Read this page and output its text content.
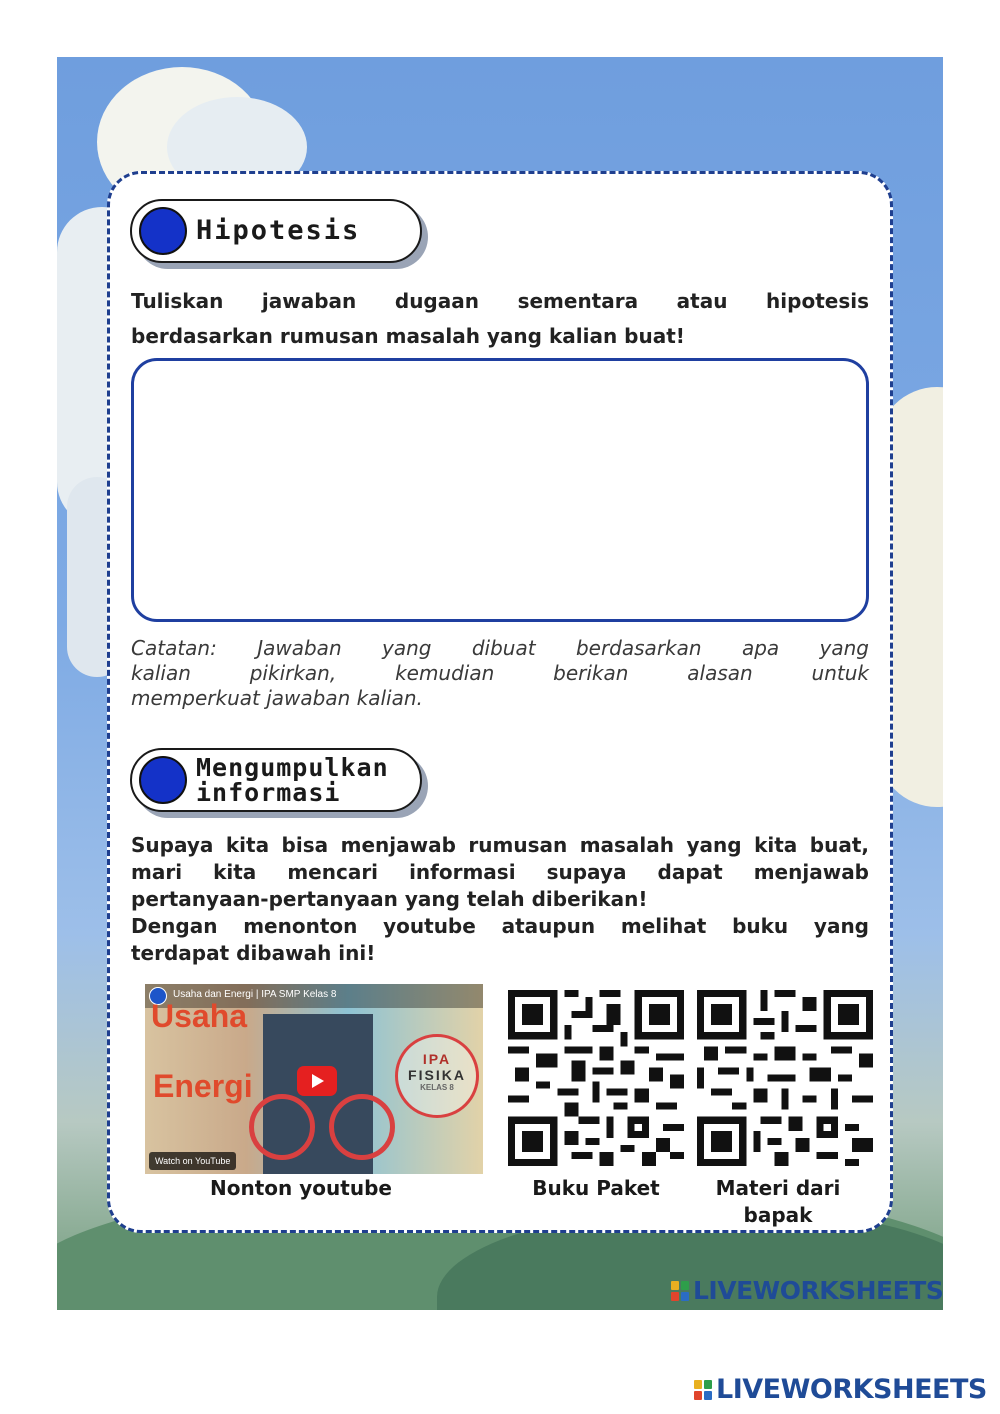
Hipotesis
Tuliskan jawaban dugaan sementara atau hipotesis
berdasarkan rumusan masalah yang kalian buat!
Catatan: Jawaban yang dibuat berdasarkan apa yang
kalian pikirkan, kemudian berikan alasan untuk
memperkuat jawaban kalian.
Mengumpulkan
informasi
Supaya kita bisa menjawab rumusan masalah yang kita buat,
mari kita mencari informasi supaya dapat menjawab
pertanyaan-pertanyaan yang telah diberikan!
Dengan menonton youtube ataupun melihat buku yang
terdapat dibawah ini!
Usaha dan Energi | IPA SMP Kelas 8
Usaha
Energi
IPA
FISIKA
KELAS 8
Watch on YouTube
Nonton youtube	Buku Paket	Materi dari
bapak
LIVEWORKSHEETS
LIVEWORKSHEETS
